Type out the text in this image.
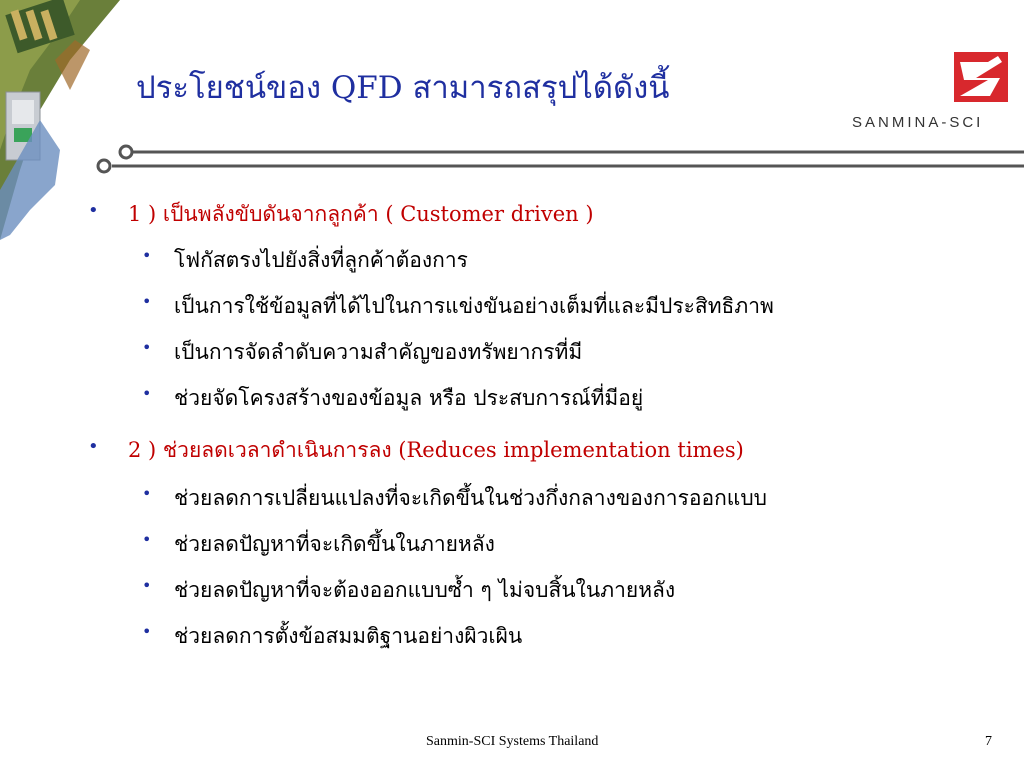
ประโยชน์ของ QFD สามารถสรุปได้ดังนี้
SANMINA-SCI
• 1 ) เป็นพลังขับดันจากลูกค้า ( Customer driven )
• โฟกัสตรงไปยังสิ่งที่ลูกค้าต้องการ
• เป็นการใช้ข้อมูลที่ได้ไปในการแข่งขันอย่างเต็มที่และมีประสิทธิภาพ
• เป็นการจัดลำดับความสำคัญของทรัพยากรที่มี
• ช่วยจัดโครงสร้างของข้อมูล หรือ ประสบการณ์ที่มีอยู่
• 2 ) ช่วยลดเวลาดำเนินการลง (Reduces implementation times)
• ช่วยลดการเปลี่ยนแปลงที่จะเกิดขึ้นในช่วงกึ่งกลางของการออกแบบ
• ช่วยลดปัญหาที่จะเกิดขึ้นในภายหลัง
• ช่วยลดปัญหาที่จะต้องออกแบบซ้ำ ๆ ไม่จบสิ้นในภายหลัง
• ช่วยลดการตั้งข้อสมมติฐานอย่างผิวเผิน
Sanmin-SCI Systems Thailand	7
